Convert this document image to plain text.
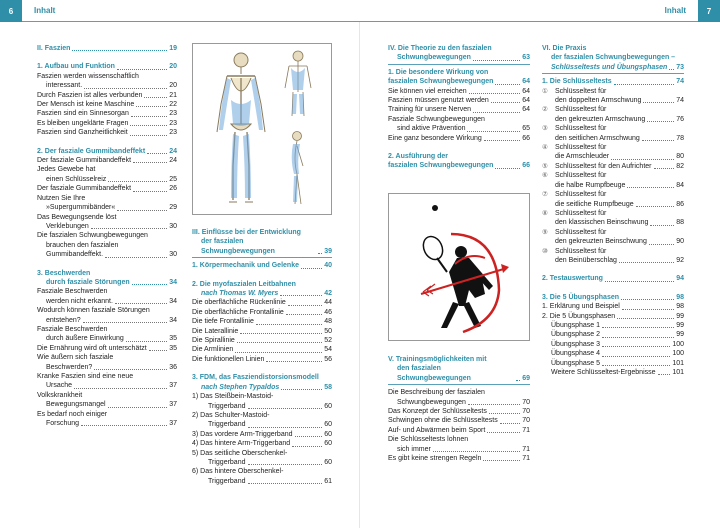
6	Inhalt	Inhalt	7
II. Faszien	19
1. Aufbau und Funktion	20
Faszien werden wissenschaftlich
interessant.	20
Durch Faszien ist alles verbunden	21
Der Mensch ist keine Maschine	22
Faszien sind ein Sinnesorgan	23
Es bleiben ungeklärte Fragen	23
Faszien sind Ganzheitlichkeit	23
2. Der fasziale Gummibandeffekt	24
Der fasziale Gummibandeffekt	24
Jedes Gewebe hat
einen Schlüsselreiz	25
Der fasziale Gummibandeffekt	26
Nutzen Sie Ihre
»Supergummibänder«	29
Das Bewegungsende löst
Verklebungen	30
Die faszialen Schwungbewegungen
brauchen den faszialen
Gummibandeffekt.	30
3. Beschwerden
durch fasziale Störungen	34
Fasziale Beschwerden
werden nicht erkannt.	34
Wodurch können fasziale Störungen
entstehen?	34
Fasziale Beschwerden
durch äußere Einwirkung	35
Die Ernährung wird oft unterschätzt	35
Wie äußern sich fasziale
Beschwerden?	36
Kranke Faszien sind eine neue
Ursache	37
Volkskrankheit
Bewegungsmangel	37
Es bedarf noch einiger
Forschung	37
III. Einflüsse bei der Entwicklung
der faszialen Schwungbewegungen	39
1. Körpermechanik und Gelenke	40
2. Die myofaszialen Leitbahnen
nach Thomas W. Myers	42
Die oberflächliche Rückenlinie	44
Die oberflächliche Frontallinie	46
Die tiefe Frontallinie	48
Die Laterallinie	50
Die Spirallinie	52
Die Armlinien	54
Die funktionellen Linien	56
3. FDM, das Fasziendistorsionsmodell
nach Stephen Typaldos	58
1) Das Steißbein-Mastoid-
Triggerband	60
2) Das Schulter-Mastoid-
Triggerband	60
3) Das vordere Arm-Triggerband	60
4) Das hintere Arm-Triggerband	60
5) Das seitliche Oberschenkel-
Triggerband	60
6) Das hintere Oberschenkel-
Triggerband	61
IV. Die Theorie zu den faszialen
Schwungbewegungen	63
1. Die besondere Wirkung von
faszialen Schwungbewegungen	64
Sie können viel erreichen	64
Faszien müssen genutzt werden	64
Training für unsere Nerven	64
Fasziale Schwungbewegungen
sind aktive Prävention	65
Eine ganz besondere Wirkung	66
2. Ausführung der
faszialen Schwungbewegungen	66
V. Trainingsmöglichkeiten mit
den faszialen Schwungbewegungen	69
Die Beschreibung der faszialen
Schwungbewegungen	70
Das Konzept der Schlüsseltests	70
Schwingen ohne die Schlüsseltests	70
Auf- und Abwärmen beim Sport	71
Die Schlüsseltests lohnen
sich immer	71
Es gibt keine strengen Regeln	71
VI. Die Praxis
der faszialen Schwungbewegungen –
Schlüsseltests und Übungsphasen 73
1. Die Schlüsseltests	74
① Schlüsseltest für
den doppelten Armschwung	74
② Schlüsseltest für
den gekreuzten Armschwung	76
③ Schlüsseltest für
den seitlichen Armschwung	78
④ Schlüsseltest für
die Armschleuder	80
⑤ Schlüsseltest für den Aufrichter	82
⑥ Schlüsseltest für
die halbe Rumpfbeuge	84
⑦ Schlüsseltest für
die seitliche Rumpfbeuge	86
⑧ Schlüsseltest für
den klassischen Beinschwung	88
⑨ Schlüsseltest für
den gekreuzten Beinschwung	90
⑩ Schlüsseltest für
den Beinüberschlag	92
2. Testauswertung	94
3. Die 5 Übungsphasen	98
1. Erklärung und Beispiel	98
2. Die 5 Übungsphasen	99
Übungsphase 1	99
Übungsphase 2	99
Übungsphase 3	100
Übungsphase 4	100
Übungsphase 5	101
Weitere Schlüsseltest-Ergebnisse 101
